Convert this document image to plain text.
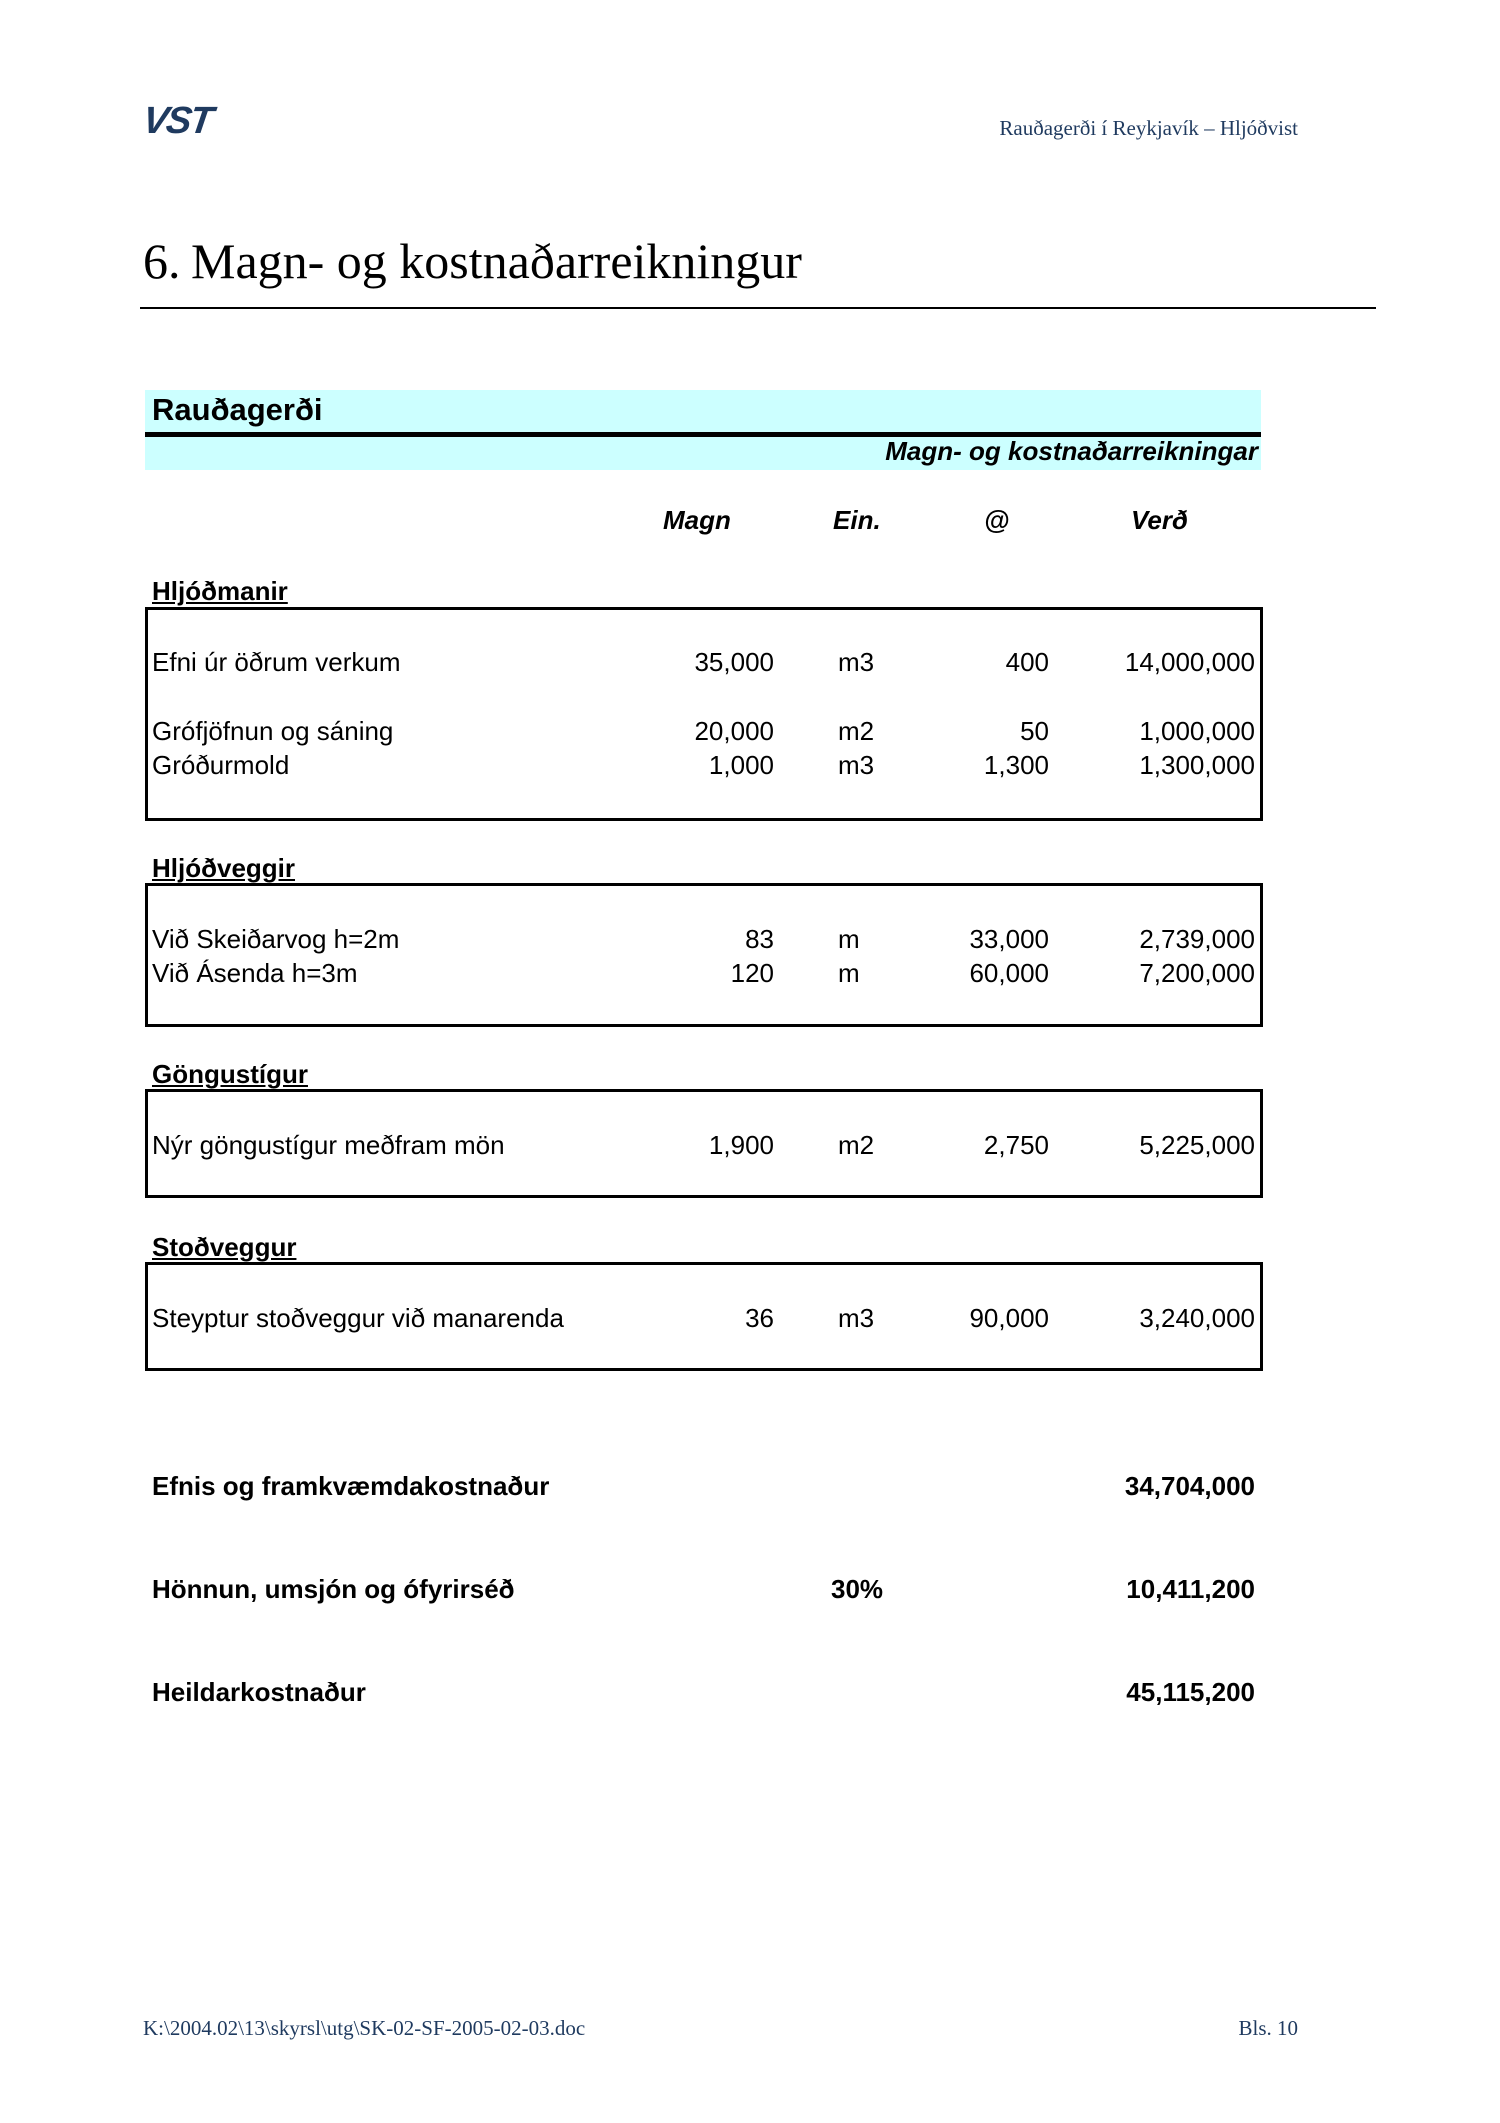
VST	Rauðagerði í Reykjavík – Hljóðvist
6. Magn- og kostnaðarreikningur
Rauðagerði
Magn- og kostnaðarreikningar
Magn	Ein.	@	Verð
Hljóðmanir
Efni úr öðrum verkum	35,000 m3	400	14,000,000
Grófjöfnun og sáning	20,000 m2	50	1,000,000
Gróðurmold	1,000 m3	1,300	1,300,000
Hljóðveggir
Við Skeiðarvog h=2m	83 m	33,000	2,739,000
Við Ásenda h=3m	120 m	60,000	7,200,000
Göngustígur
Nýr göngustígur meðfram mön	1,900 m2	2,750	5,225,000
Stoðveggur
Steyptur stoðveggur við manarenda	36 m3	90,000	3,240,000
Efnis og framkvæmdakostnaður	34,704,000
Hönnun, umsjón og ófyrirséð	30%	10,411,200
Heildarkostnaður	45,115,200
K:\2004.02\13\skyrsl\utg\SK-02-SF-2005-02-03.doc	Bls. 10
